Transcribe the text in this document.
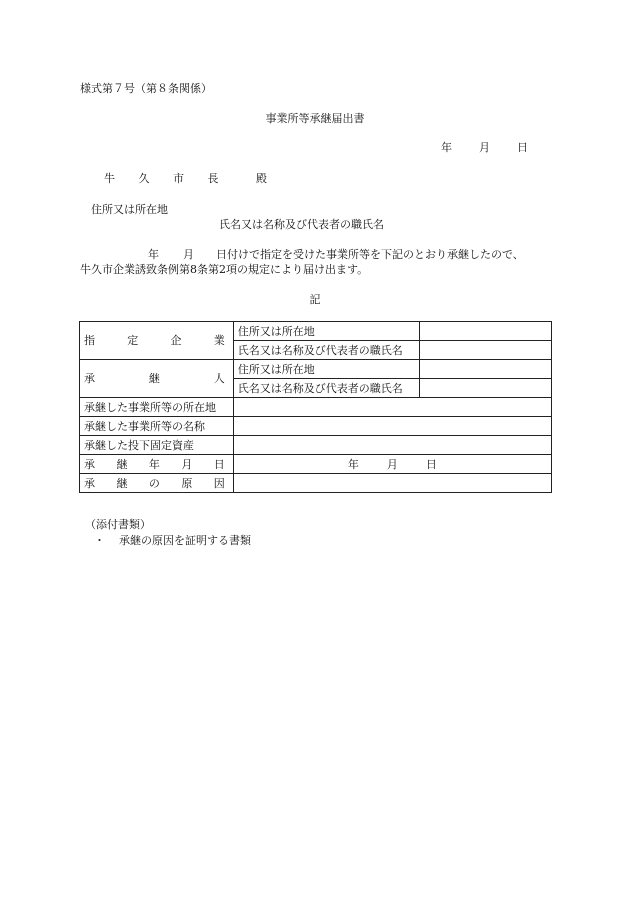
様式第７号（第８条関係）
事業所等承継届出書
年 月 日
牛 久 市 長	殿
住所又は所在地
氏名又は名称及び代表者の職氏名
年 月 日付けで指定を受けた事業所等を下記のとおり承継したので、
牛久市企業誘致条例第8条第2項の規定により届け出ます。
記
指 定 企 業	住所又は所在地	
	氏名又は名称及び代表者の職氏名	

承 継 人	住所又は所在地	
	氏名又は名称及び代表者の職氏名	
承継した事業所等の所在地		
承継した事業所等の名称		
承継した投下固定資産		

承 継 年 月 日	年 月 日	

承 継 の 原 因		

（添付書類）
・ 承継の原因を証明する書類
